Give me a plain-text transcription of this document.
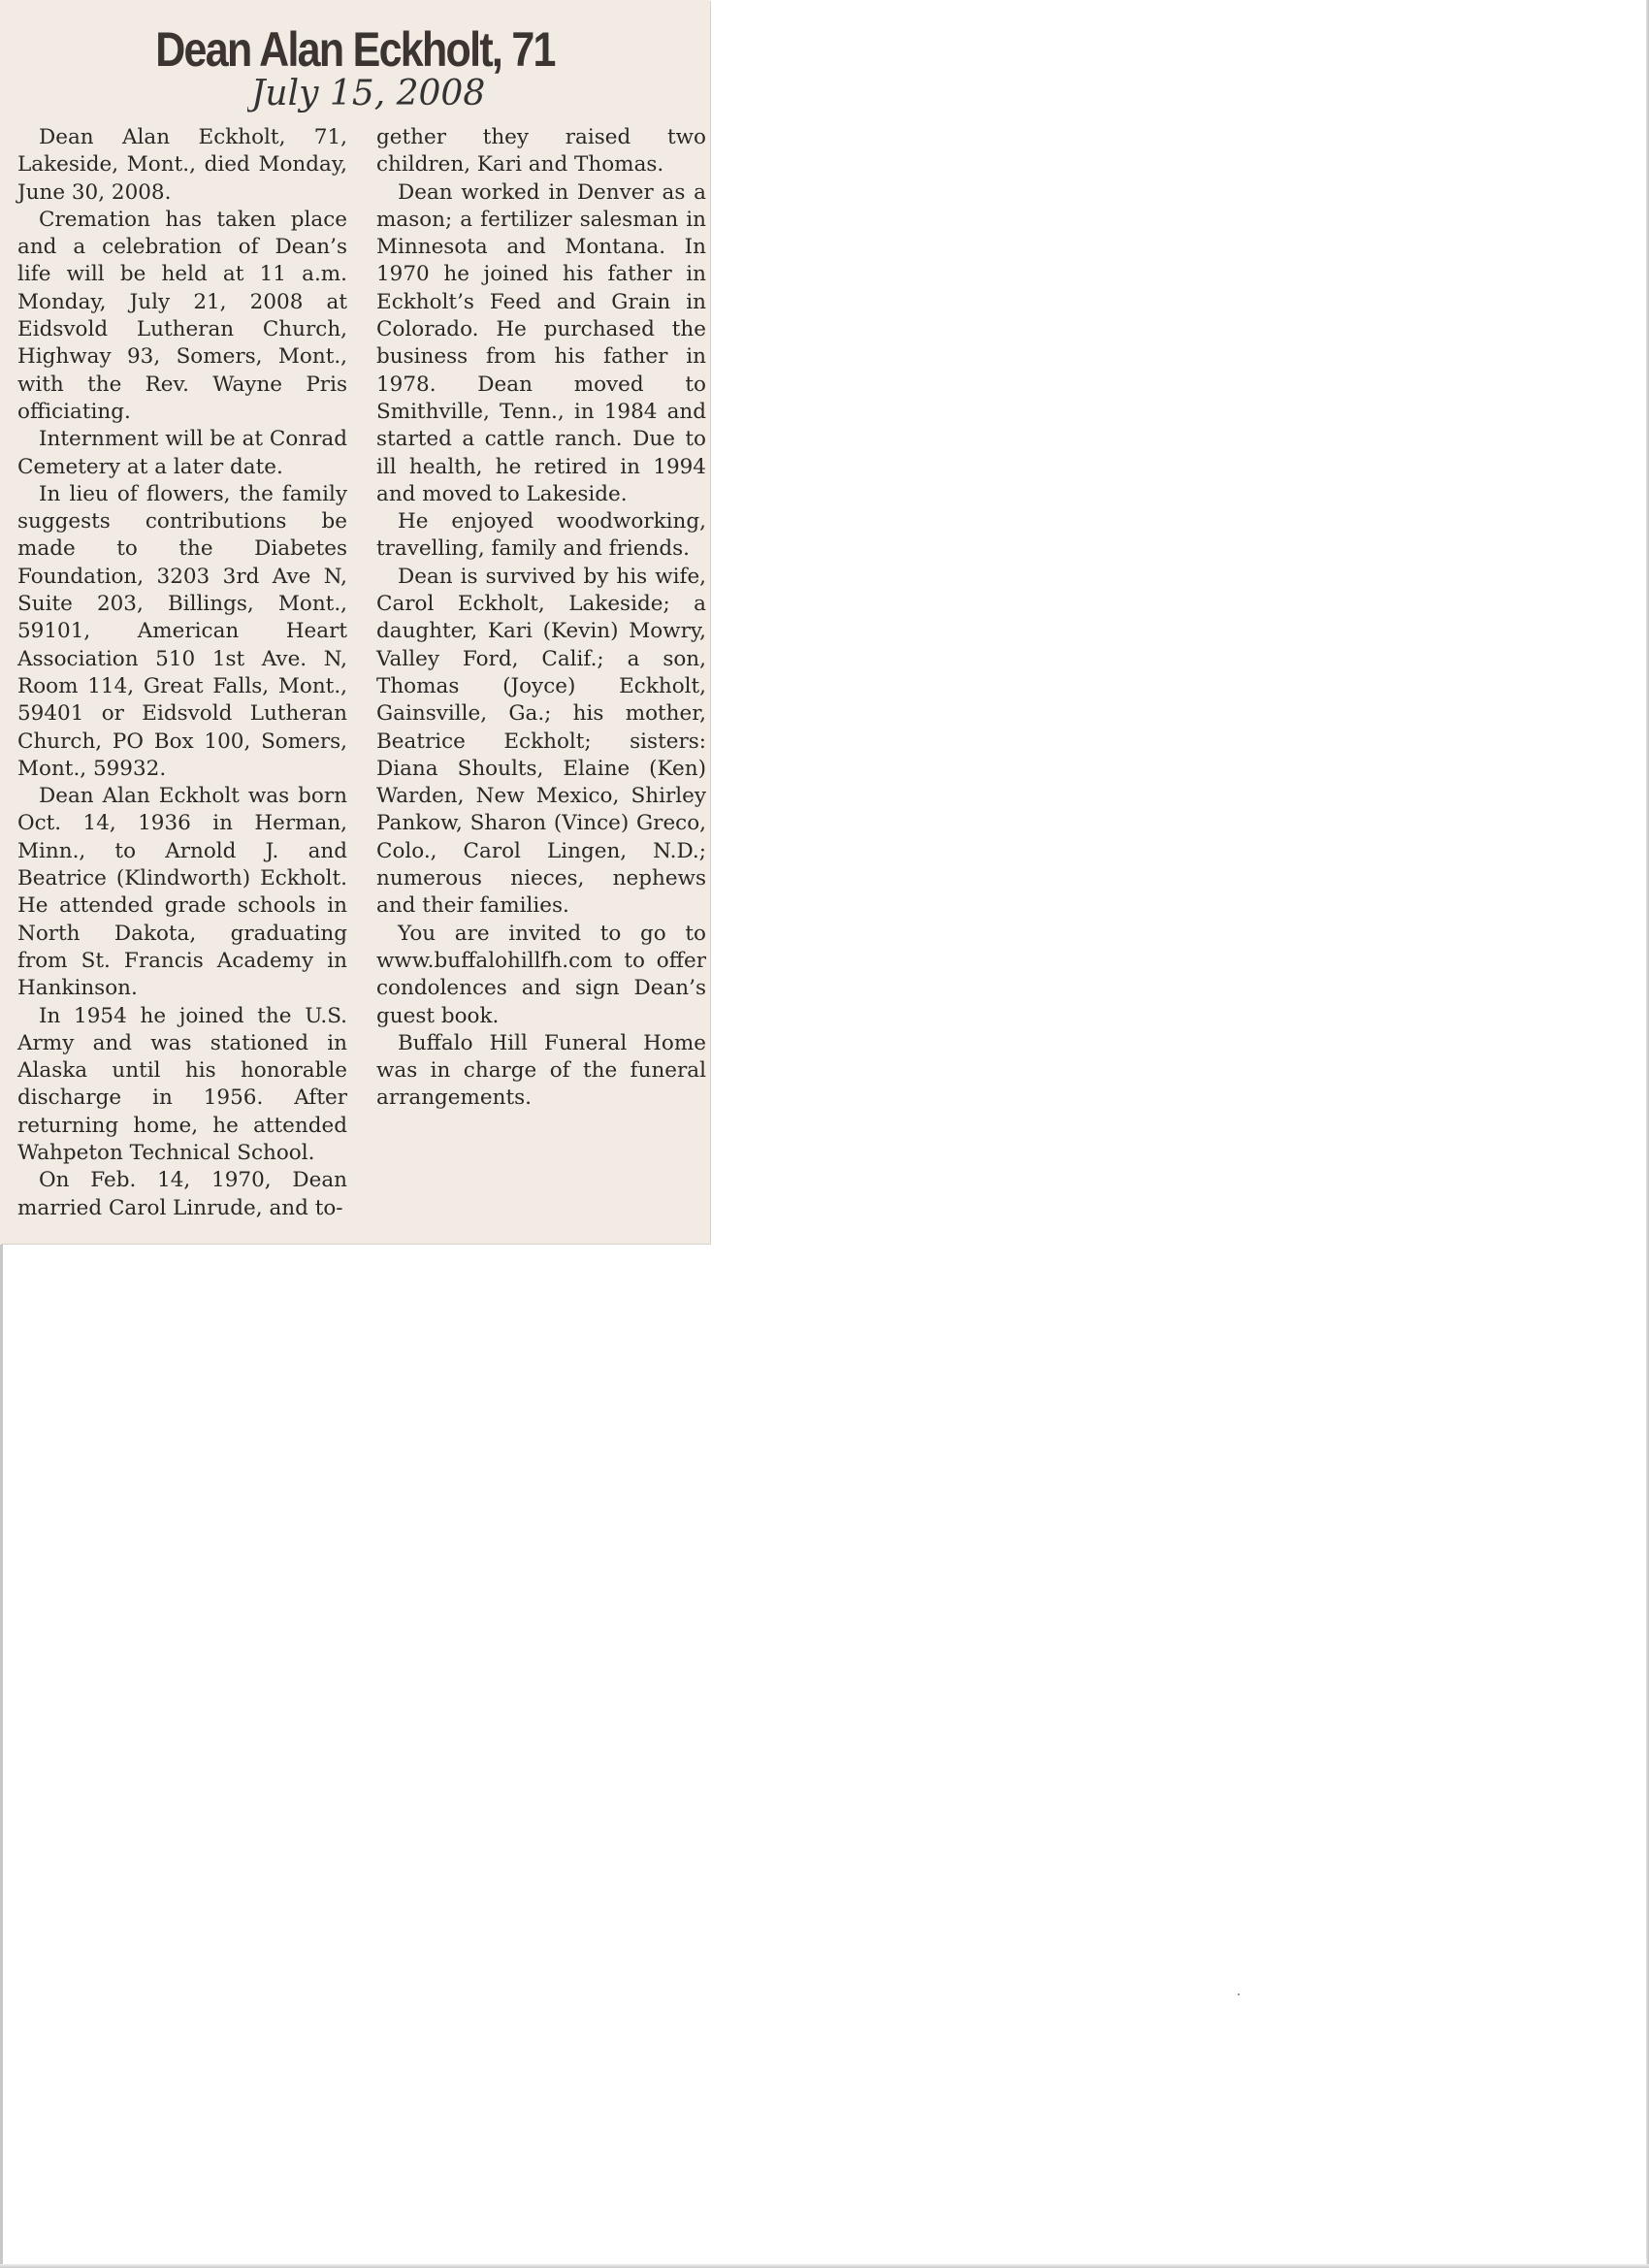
Dean Alan Eckholt, 71
July 15, 2008

Dean Alan Eckholt, 71, Lakeside, Mont., died Monday, June 30, 2008.

Cremation has taken place and a celebration of Dean’s life will be held at 11 a.m. Monday, July 21, 2008 at Eidsvold Lutheran Church, Highway 93, Somers, Mont., with the Rev. Wayne Pris officiating.

Internment will be at Conrad Cemetery at a later date.

In lieu of flowers, the family suggests contributions be made to the Diabetes Foundation, 3203 3rd Ave N, Suite 203, Billings, Mont., 59101, American Heart Association 510 1st Ave. N, Room 114, Great Falls, Mont., 59401 or Eidsvold Lutheran Church, PO Box 100, Somers, Mont., 59932.

Dean Alan Eckholt was born Oct. 14, 1936 in Herman, Minn., to Arnold J. and Beatrice (Klindworth) Eckholt. He attended grade schools in North Dakota, graduating from St. Francis Academy in Hankinson.

In 1954 he joined the U.S. Army and was stationed in Alaska until his honorable discharge in 1956. After returning home, he attended Wahpeton Technical School.

On Feb. 14, 1970, Dean married Carol Linrude, and to-

gether they raised two children, Kari and Thomas.

Dean worked in Denver as a mason; a fertilizer salesman in Minnesota and Montana. In 1970 he joined his father in Eckholt’s Feed and Grain in Colorado. He purchased the business from his father in 1978. Dean moved to Smithville, Tenn., in 1984 and started a cattle ranch. Due to ill health, he retired in 1994 and moved to Lakeside.

He enjoyed woodworking, travelling, family and friends.

Dean is survived by his wife, Carol Eckholt, Lakeside; a daughter, Kari (Kevin) Mowry, Valley Ford, Calif.; a son, Thomas (Joyce) Eckholt, Gainsville, Ga.; his mother, Beatrice Eckholt; sisters: Diana Shoults, Elaine (Ken) Warden, New Mexico, Shirley Pankow, Sharon (Vince) Greco, Colo., Carol Lingen, N.D.; numerous nieces, nephews and their families.

You are invited to go to www.buffalohillfh.com to offer condolences and sign Dean’s guest book.

Buffalo Hill Funeral Home was in charge of the funeral arrangements.
